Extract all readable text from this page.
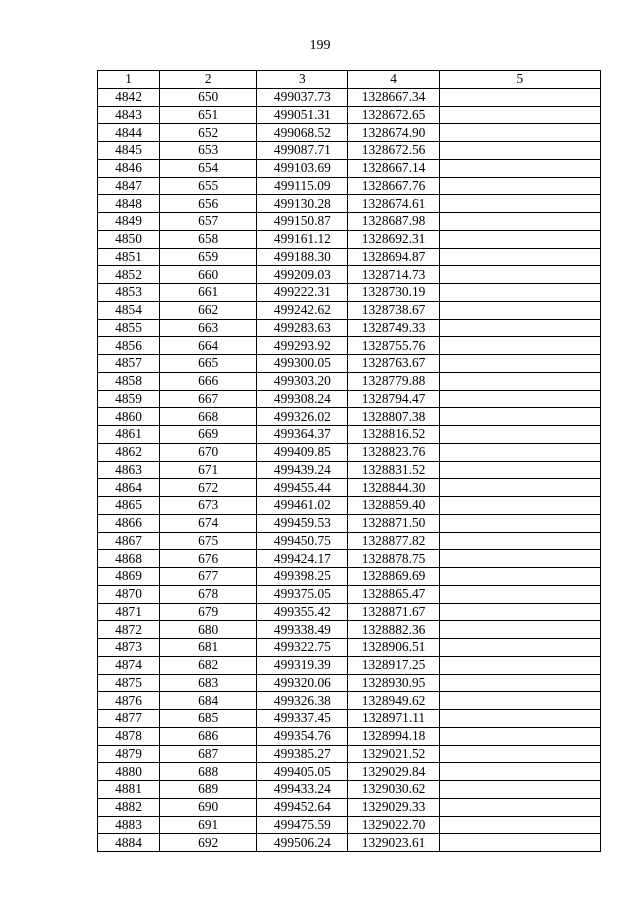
199
1	2	3	4	5
4842	650	499037.73	1328667.34	
4843	651	499051.31	1328672.65	
4844	652	499068.52	1328674.90	
4845	653	499087.71	1328672.56	
4846	654	499103.69	1328667.14	
4847	655	499115.09	1328667.76	
4848	656	499130.28	1328674.61	
4849	657	499150.87	1328687.98	
4850	658	499161.12	1328692.31	
4851	659	499188.30	1328694.87	
4852	660	499209.03	1328714.73	
4853	661	499222.31	1328730.19	
4854	662	499242.62	1328738.67	
4855	663	499283.63	1328749.33	
4856	664	499293.92	1328755.76	
4857	665	499300.05	1328763.67	
4858	666	499303.20	1328779.88	
4859	667	499308.24	1328794.47	
4860	668	499326.02	1328807.38	
4861	669	499364.37	1328816.52	
4862	670	499409.85	1328823.76	
4863	671	499439.24	1328831.52	
4864	672	499455.44	1328844.30	
4865	673	499461.02	1328859.40	
4866	674	499459.53	1328871.50	
4867	675	499450.75	1328877.82	
4868	676	499424.17	1328878.75	
4869	677	499398.25	1328869.69	
4870	678	499375.05	1328865.47	
4871	679	499355.42	1328871.67	
4872	680	499338.49	1328882.36	
4873	681	499322.75	1328906.51	
4874	682	499319.39	1328917.25	
4875	683	499320.06	1328930.95	
4876	684	499326.38	1328949.62	
4877	685	499337.45	1328971.11	
4878	686	499354.76	1328994.18	
4879	687	499385.27	1329021.52	
4880	688	499405.05	1329029.84	
4881	689	499433.24	1329030.62	
4882	690	499452.64	1329029.33	
4883	691	499475.59	1329022.70	
4884	692	499506.24	1329023.61	
